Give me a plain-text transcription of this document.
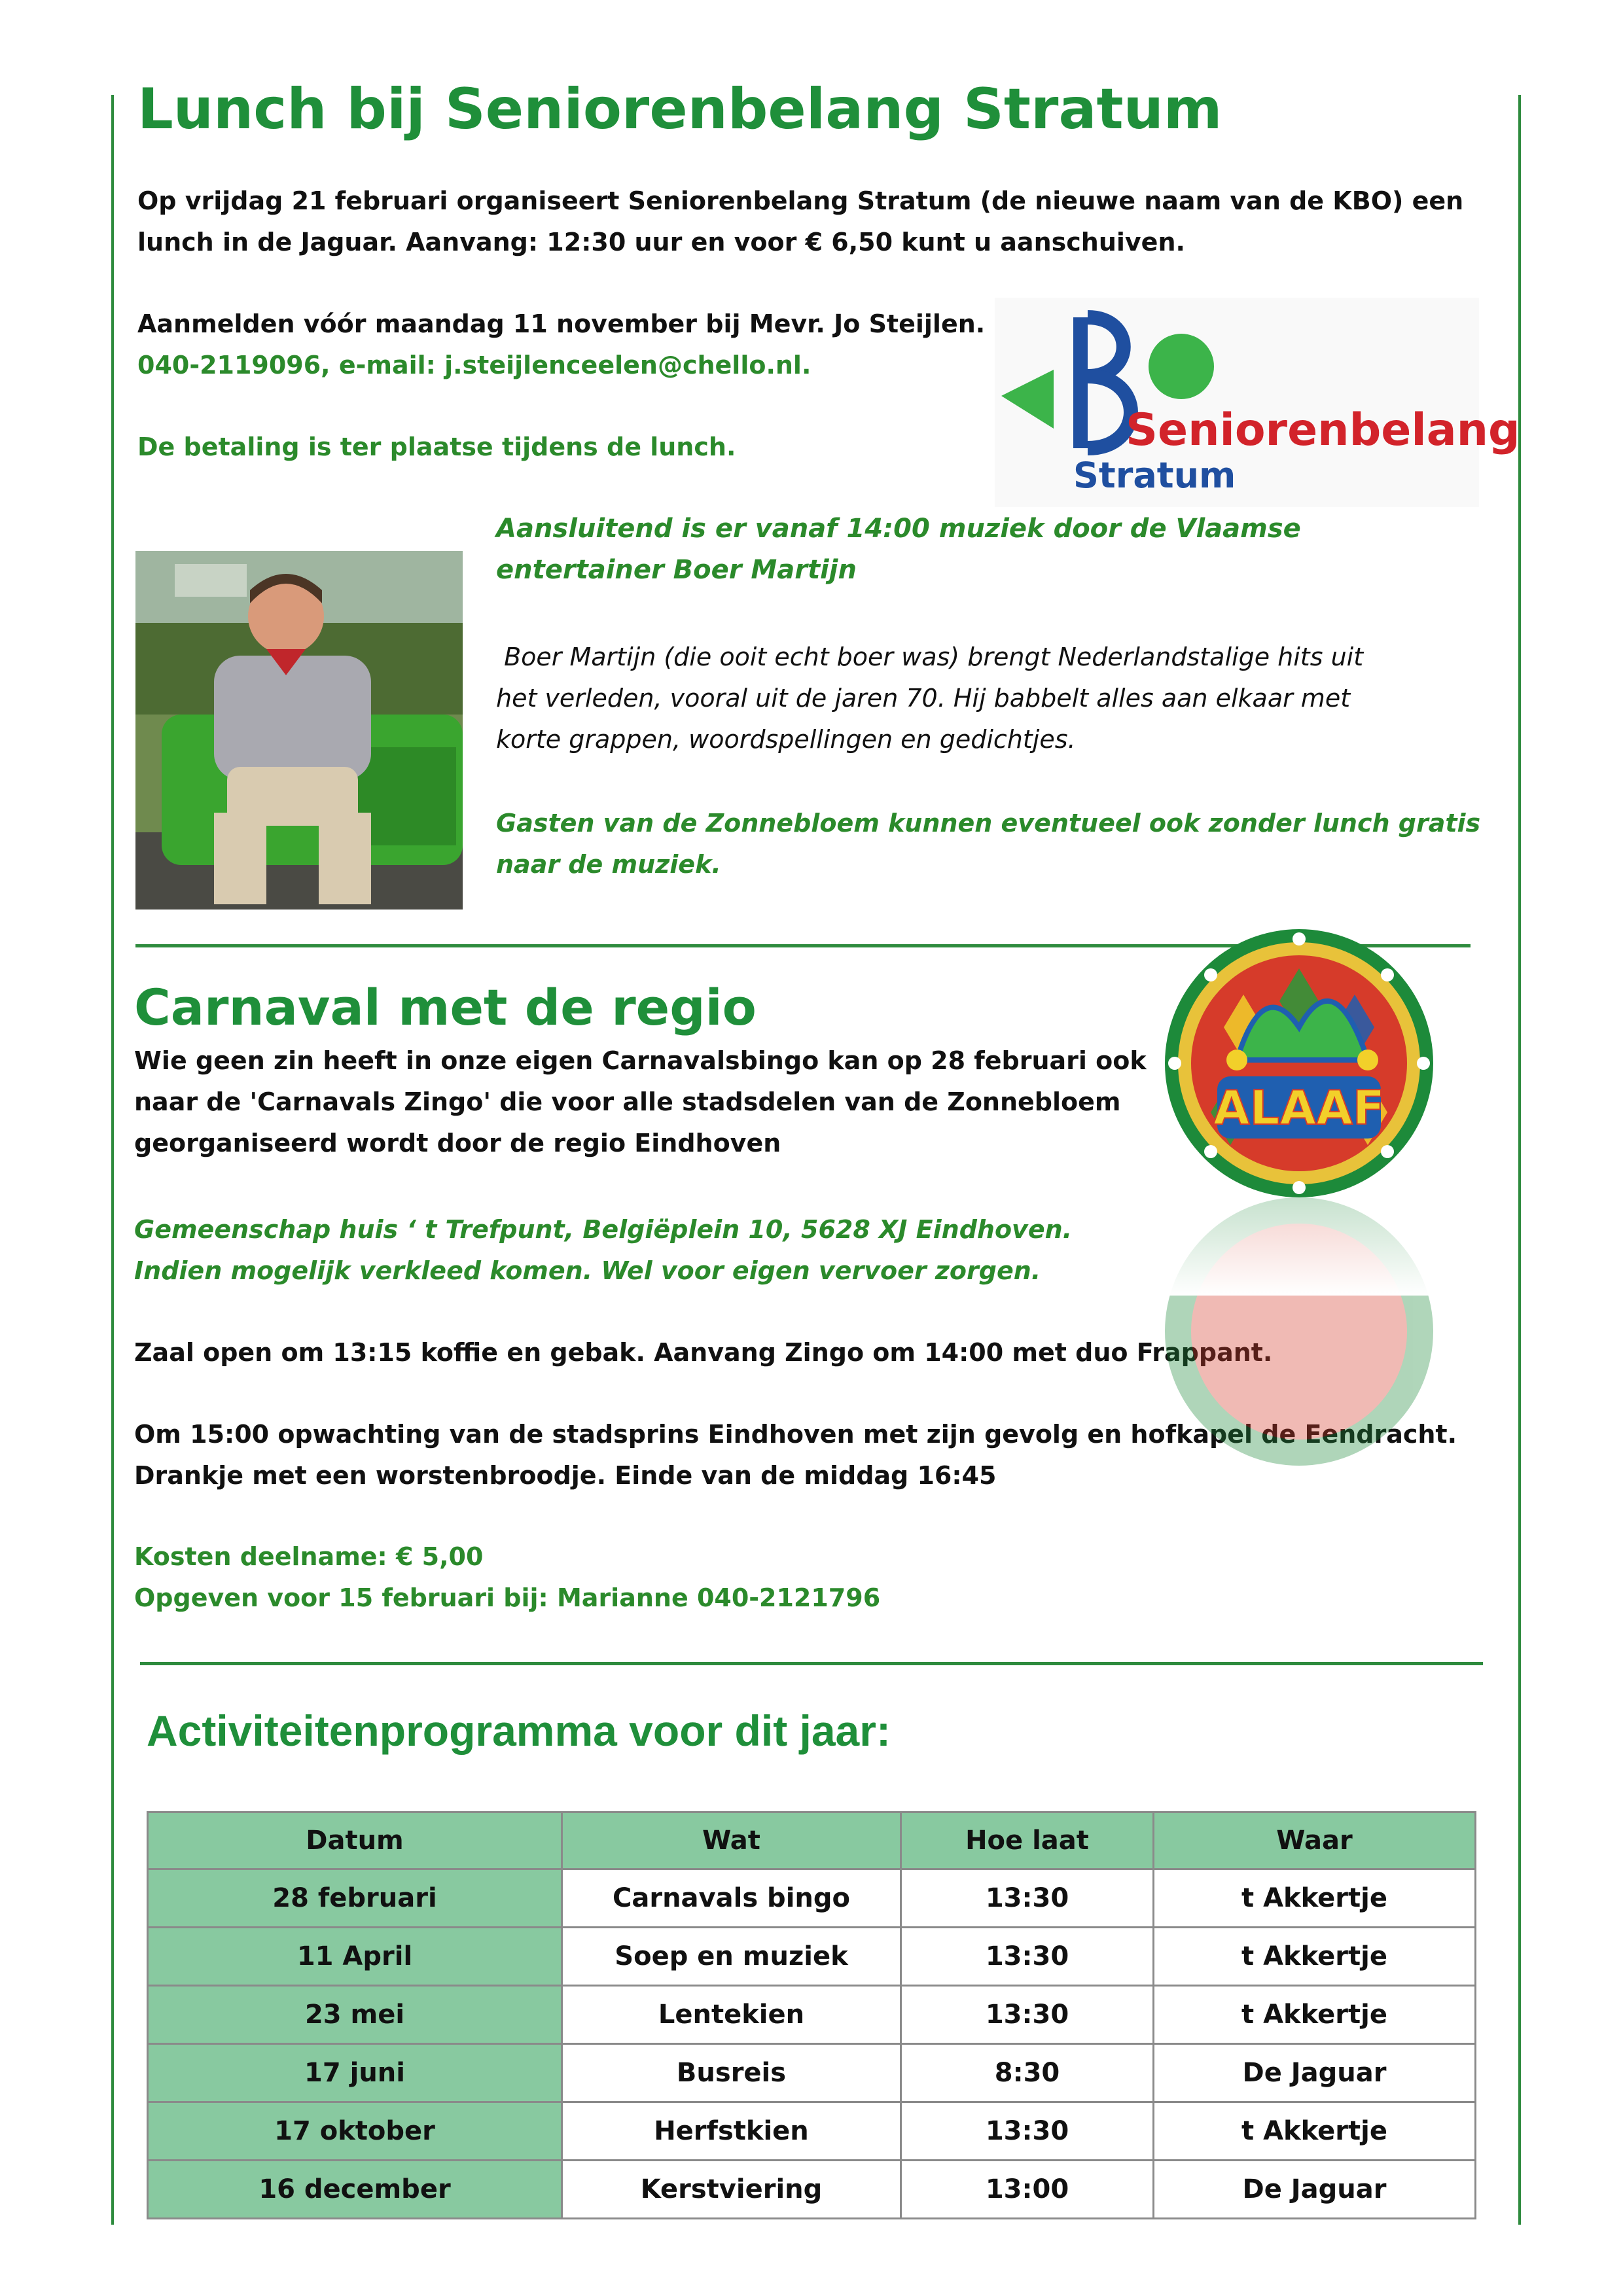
Lunch bij Seniorenbelang Stratum
Op vrijdag 21 februari organiseert Seniorenbelang Stratum (de nieuwe naam van de KBO) een
lunch in de Jaguar. Aanvang: 12:30 uur en voor € 6,50 kunt u aanschuiven.
Aanmelden vóór maandag 11 november bij Mevr. Jo Steijlen.
040-2119096, e-mail: j.steijlenceelen@chello.nl.
De betaling is ter plaatse tijdens de lunch.	Seniorenbelang
Stratum
Aansluitend is er vanaf 14:00 muziek door de Vlaamse
entertainer Boer Martijn
Boer Martijn (die ooit echt boer was) brengt Nederlandstalige hits uit
het verleden, vooral uit de jaren 70. Hij babbelt alles aan elkaar met
korte grappen, woordspellingen en gedichtjes.
Gasten van de Zonnebloem kunnen eventueel ook zonder lunch gratis
naar de muziek.
Carnaval met de regio
Wie geen zin heeft in onze eigen Carnavalsbingo kan op 28 februari ook
naar de 'Carnavals Zingo' die voor alle stadsdelen van de Zonnebloem
georganiseerd wordt door de regio Eindhoven
Gemeenschap huis ‘ t Trefpunt, Belgiëplein 10, 5628 XJ Eindhoven.
Indien mogelijk verkleed komen. Wel voor eigen vervoer zorgen.
Zaal open om 13:15 koffie en gebak. Aanvang Zingo om 14:00 met duo Frappant.
Om 15:00 opwachting van de stadsprins Eindhoven met zijn gevolg en hofkapel de Eendracht.
Drankje met een worstenbroodje. Einde van de middag 16:45
Kosten deelname: € 5,00
Opgeven voor 15 februari bij: Marianne 040-2121796
ALAAF
Activiteitenprogramma voor dit jaar:
Datum	Wat	Hoe laat	Waar
28 februari	Carnavals bingo	13:30	t Akkertje
11 April	Soep en muziek	13:30	t Akkertje
23 mei	Lentekien	13:30	t Akkertje
17 juni	Busreis	8:30	De Jaguar
17 oktober	Herfstkien	13:30	t Akkertje
16 december	Kerstviering	13:00	De Jaguar
